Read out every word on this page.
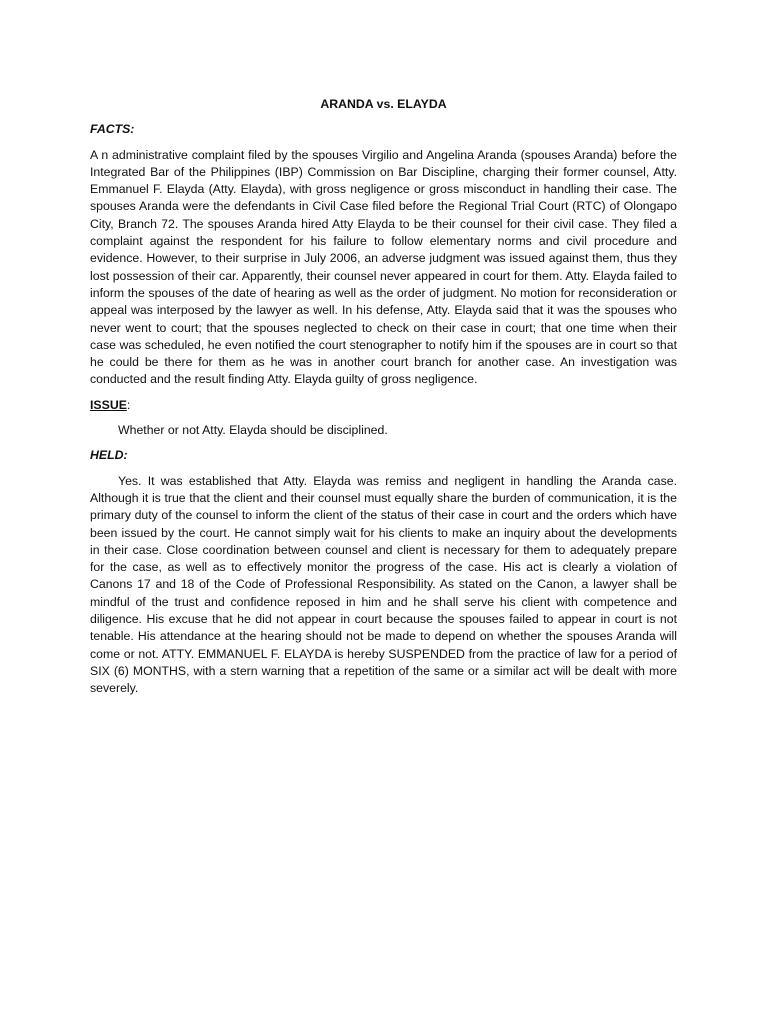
ARANDA vs. ELAYDA
FACTS:

A n administrative complaint filed by the spouses Virgilio and Angelina Aranda (spouses Aranda) before the Integrated Bar of the Philippines (IBP) Commission on Bar Discipline, charging their former counsel, Atty. Emmanuel F. Elayda (Atty. Elayda), with gross negligence or gross misconduct in handling their case. The spouses Aranda were the defendants in Civil Case filed before the Regional Trial Court (RTC) of Olongapo City, Branch 72. The spouses Aranda hired Atty Elayda to be their counsel for their civil case. They filed a complaint against the respondent for his failure to follow elementary norms and civil procedure and evidence. However, to their surprise in July 2006, an adverse judgment was issued against them, thus they lost possession of their car. Apparently, their counsel never appeared in court for them. Atty. Elayda failed to inform the spouses of the date of hearing as well as the order of judgment. No motion for reconsideration or appeal was interposed by the lawyer as well. In his defense, Atty. Elayda said that it was the spouses who never went to court; that the spouses neglected to check on their case in court; that one time when their case was scheduled, he even notified the court stenographer to notify him if the spouses are in court so that he could be there for them as he was in another court branch for another case. An investigation was conducted and the result finding Atty. Elayda guilty of gross negligence.

ISSUE:

Whether or not Atty. Elayda should be disciplined.

HELD:

Yes. It was established that Atty. Elayda was remiss and negligent in handling the Aranda case. Although it is true that the client and their counsel must equally share the burden of communication, it is the primary duty of the counsel to inform the client of the status of their case in court and the orders which have been issued by the court. He cannot simply wait for his clients to make an inquiry about the developments in their case. Close coordination between counsel and client is necessary for them to adequately prepare for the case, as well as to effectively monitor the progress of the case. His act is clearly a violation of Canons 17 and 18 of the Code of Professional Responsibility. As stated on the Canon, a lawyer shall be mindful of the trust and confidence reposed in him and he shall serve his client with competence and diligence. His excuse that he did not appear in court because the spouses failed to appear in court is not tenable. His attendance at the hearing should not be made to depend on whether the spouses Aranda will come or not. ATTY. EMMANUEL F. ELAYDA is hereby SUSPENDED from the practice of law for a period of SIX (6) MONTHS, with a stern warning that a repetition of the same or a similar act will be dealt with more severely.
